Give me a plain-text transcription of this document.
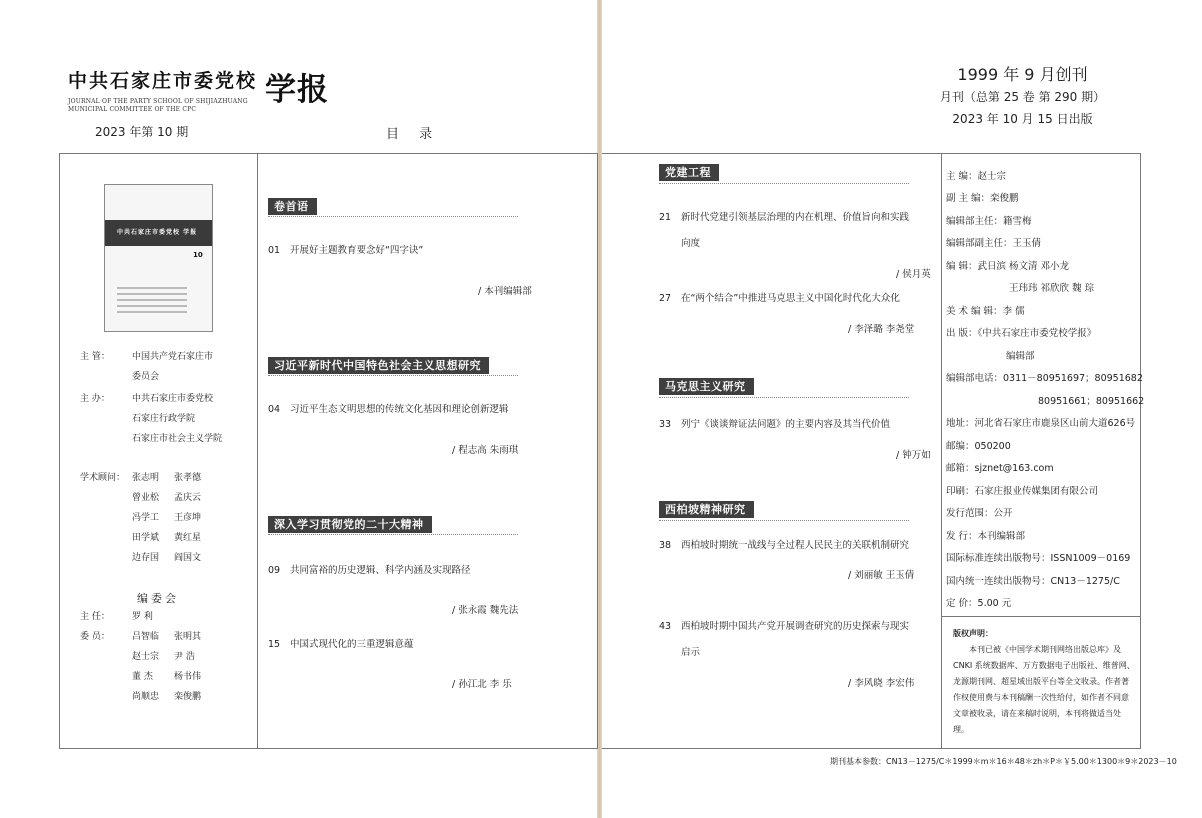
中共石家庄市委党校 学报
JOURNAL OF THE PARTY SCHOOL OF SHIJIAZHUANG
MUNICIPAL COMMITTEE OF THE CPC
2023 年第 10 期	目 录
1999 年 9 月创刊
月刊（总第 25 卷 第 290 期）
2023 年 10 月 15 日出版
中共石家庄市委党校 学报
10
主 管： 中国共产党石家庄市
委员会
主 办： 中共石家庄市委党校
石家庄行政学院
石家庄市社会主义学院
学术顾问： 张志明 张孝德
曾业松 孟庆云
冯学工 王彦坤
田学斌 黄红星
边存国 阎国文
编委会
主 任： 罗 利
委 员： 吕智临 张明其
赵士宗 尹 浩
董 杰 杨书伟
尚顺忠 栾俊鹏
卷首语
01 开展好主题教育要念好“四字诀”
/ 本刊编辑部
习近平新时代中国特色社会主义思想研究
04 习近平生态文明思想的传统文化基因和理论创新逻辑
/ 程志高 朱雨琪
深入学习贯彻党的二十大精神
09 共同富裕的历史逻辑、科学内涵及实现路径
/ 张永霞 魏先法
15 中国式现代化的三重逻辑意蕴
/ 孙江北 李 乐
党建工程
21 新时代党建引领基层治理的内在机理、价值旨向和实践
向度
/ 侯月英
27 在“两个结合”中推进马克思主义中国化时代化大众化
/ 李泽璐 李尧堂
马克思主义研究
33 列宁《谈谈辩证法问题》的主要内容及其当代价值
/ 钟万如
西柏坡精神研究
38 西柏坡时期统一战线与全过程人民民主的关联机制研究
/ 刘丽敏 王玉倩
43 西柏坡时期中国共产党开展调查研究的历史探索与现实
启示
/ 李风晓 李宏伟
主 编：赵士宗
副 主 编：栾俊鹏
编辑部主任：籍雪梅
编辑部副主任：王玉倩
编 辑：武日滨 杨文清 邓小龙
王玮玮 祁欣欣 魏 琮
美 术 编 辑：李 儒
出 版：《中共石家庄市委党校学报》
编辑部
编辑部电话：0311－80951697；80951682
80951661；80951662
地址：河北省石家庄市鹿泉区山前大道626号
邮编：050200
邮箱：sjznet@163.com
印刷：石家庄报业传媒集团有限公司
发行范围：公开
发 行：本刊编辑部
国际标准连续出版物号：ISSN1009－0169
国内统一连续出版物号：CN13－1275/C
定 价：5.00 元
版权声明：
本刊已被《中国学术期刊网络出版总库》及 CNKI 系统数据库、万方数据电子出版社、维普网、龙源期刊网、超星域出版平台等全文收录。作者著作权使用费与本刊稿酬一次性给付，如作者不同意文章被收录，请在来稿时说明，本刊将做适当处理。
期刊基本参数：CN13－1275/C＊1999＊m＊16＊48＊zh＊P＊￥5.00＊1300＊9＊2023－10
